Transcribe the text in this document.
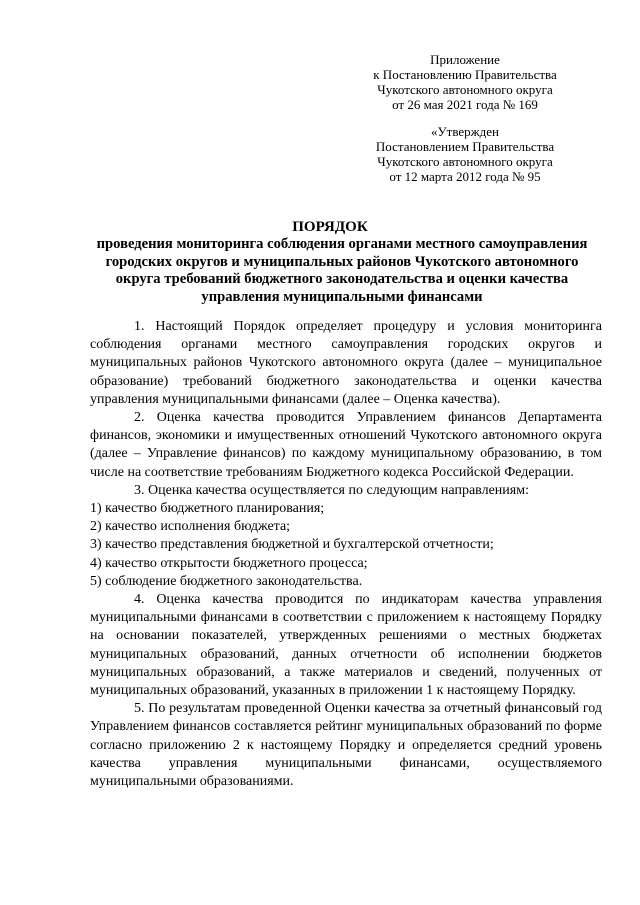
Приложение
к Постановлению Правительства
Чукотского автономного округа
от 26 мая 2021 года № 169
«Утвержден
Постановлением Правительства
Чукотского автономного округа
от 12 марта 2012 года № 95
ПОРЯДОК
проведения мониторинга соблюдения органами местного самоуправления городских округов и муниципальных районов Чукотского автономного округа требований бюджетного законодательства и оценки качества управления муниципальными финансами

1. Настоящий Порядок определяет процедуру и условия мониторинга соблюдения органами местного самоуправления городских округов и муниципальных районов Чукотского автономного округа (далее – муниципальное образование) требований бюджетного законодательства и оценки качества управления муниципальными финансами (далее – Оценка качества).

2. Оценка качества проводится Управлением финансов Департамента финансов, экономики и имущественных отношений Чукотского автономного округа (далее – Управление финансов) по каждому муниципальному образованию, в том числе на соответствие требованиям Бюджетного кодекса Российской Федерации.

3. Оценка качества осуществляется по следующим направлениям:

1) качество бюджетного планирования;

2) качество исполнения бюджета;

3) качество представления бюджетной и бухгалтерской отчетности;

4) качество открытости бюджетного процесса;

5) соблюдение бюджетного законодательства.

4. Оценка качества проводится по индикаторам качества управления муниципальными финансами в соответствии с приложением к настоящему Порядку на основании показателей, утвержденных решениями о местных бюджетах муниципальных образований, данных отчетности об исполнении бюджетов муниципальных образований, а также материалов и сведений, полученных от муниципальных образований, указанных в приложении 1 к настоящему Порядку.

5. По результатам проведенной Оценки качества за отчетный финансовый год Управлением финансов составляется рейтинг муниципальных образований по форме согласно приложению 2 к настоящему Порядку и определяется средний уровень качества управления муниципальными финансами, осуществляемого муниципальными образованиями.
